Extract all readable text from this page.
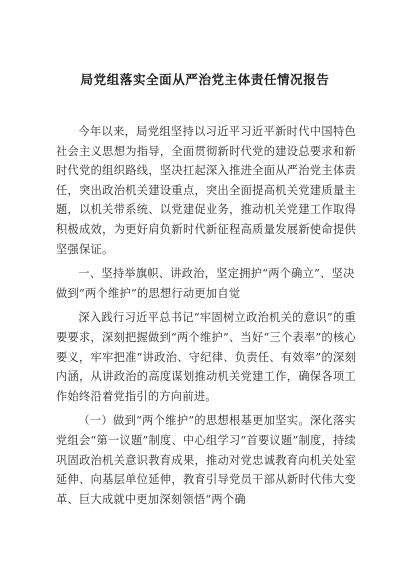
局党组落实全面从严治党主体责任情况报告

今年以来，局党组坚持以习近平习近平新时代中国特色社会主义思想为指导，全面贯彻新时代党的建设总要求和新时代党的组织路线，坚决扛起深入推进全面从严治党主体责任，突出政治机关建设重点，突出全面提高机关党建质量主题，以机关带系统、以党建促业务，推动机关党建工作取得积极成效，为更好肩负新时代新征程高质量发展新使命提供坚强保证。

一、坚持举旗帜、讲政治，坚定拥护“两个确立”、坚决做到“两个维护”的思想行动更加自觉

深入践行习近平总书记“牢固树立政治机关的意识”的重要要求，深刻把握做到“两个维护”、当好“三个表率”的核心要义，牢牢把准“讲政治、守纪律、负责任、有效率”的深刻内涵，从讲政治的高度谋划推动机关党建工作，确保各项工作始终沿着党指引的方向前进。

（一）做到“两个维护”的思想根基更加坚实。深化落实党组会“第一议题”制度、中心组学习“首要议题”制度，持续巩固政治机关意识教育成果，推动对党忠诚教育向机关处室延伸、向基层单位延伸，教育引导党员干部从新时代伟大变革、巨大成就中更加深刻领悟“两个确
